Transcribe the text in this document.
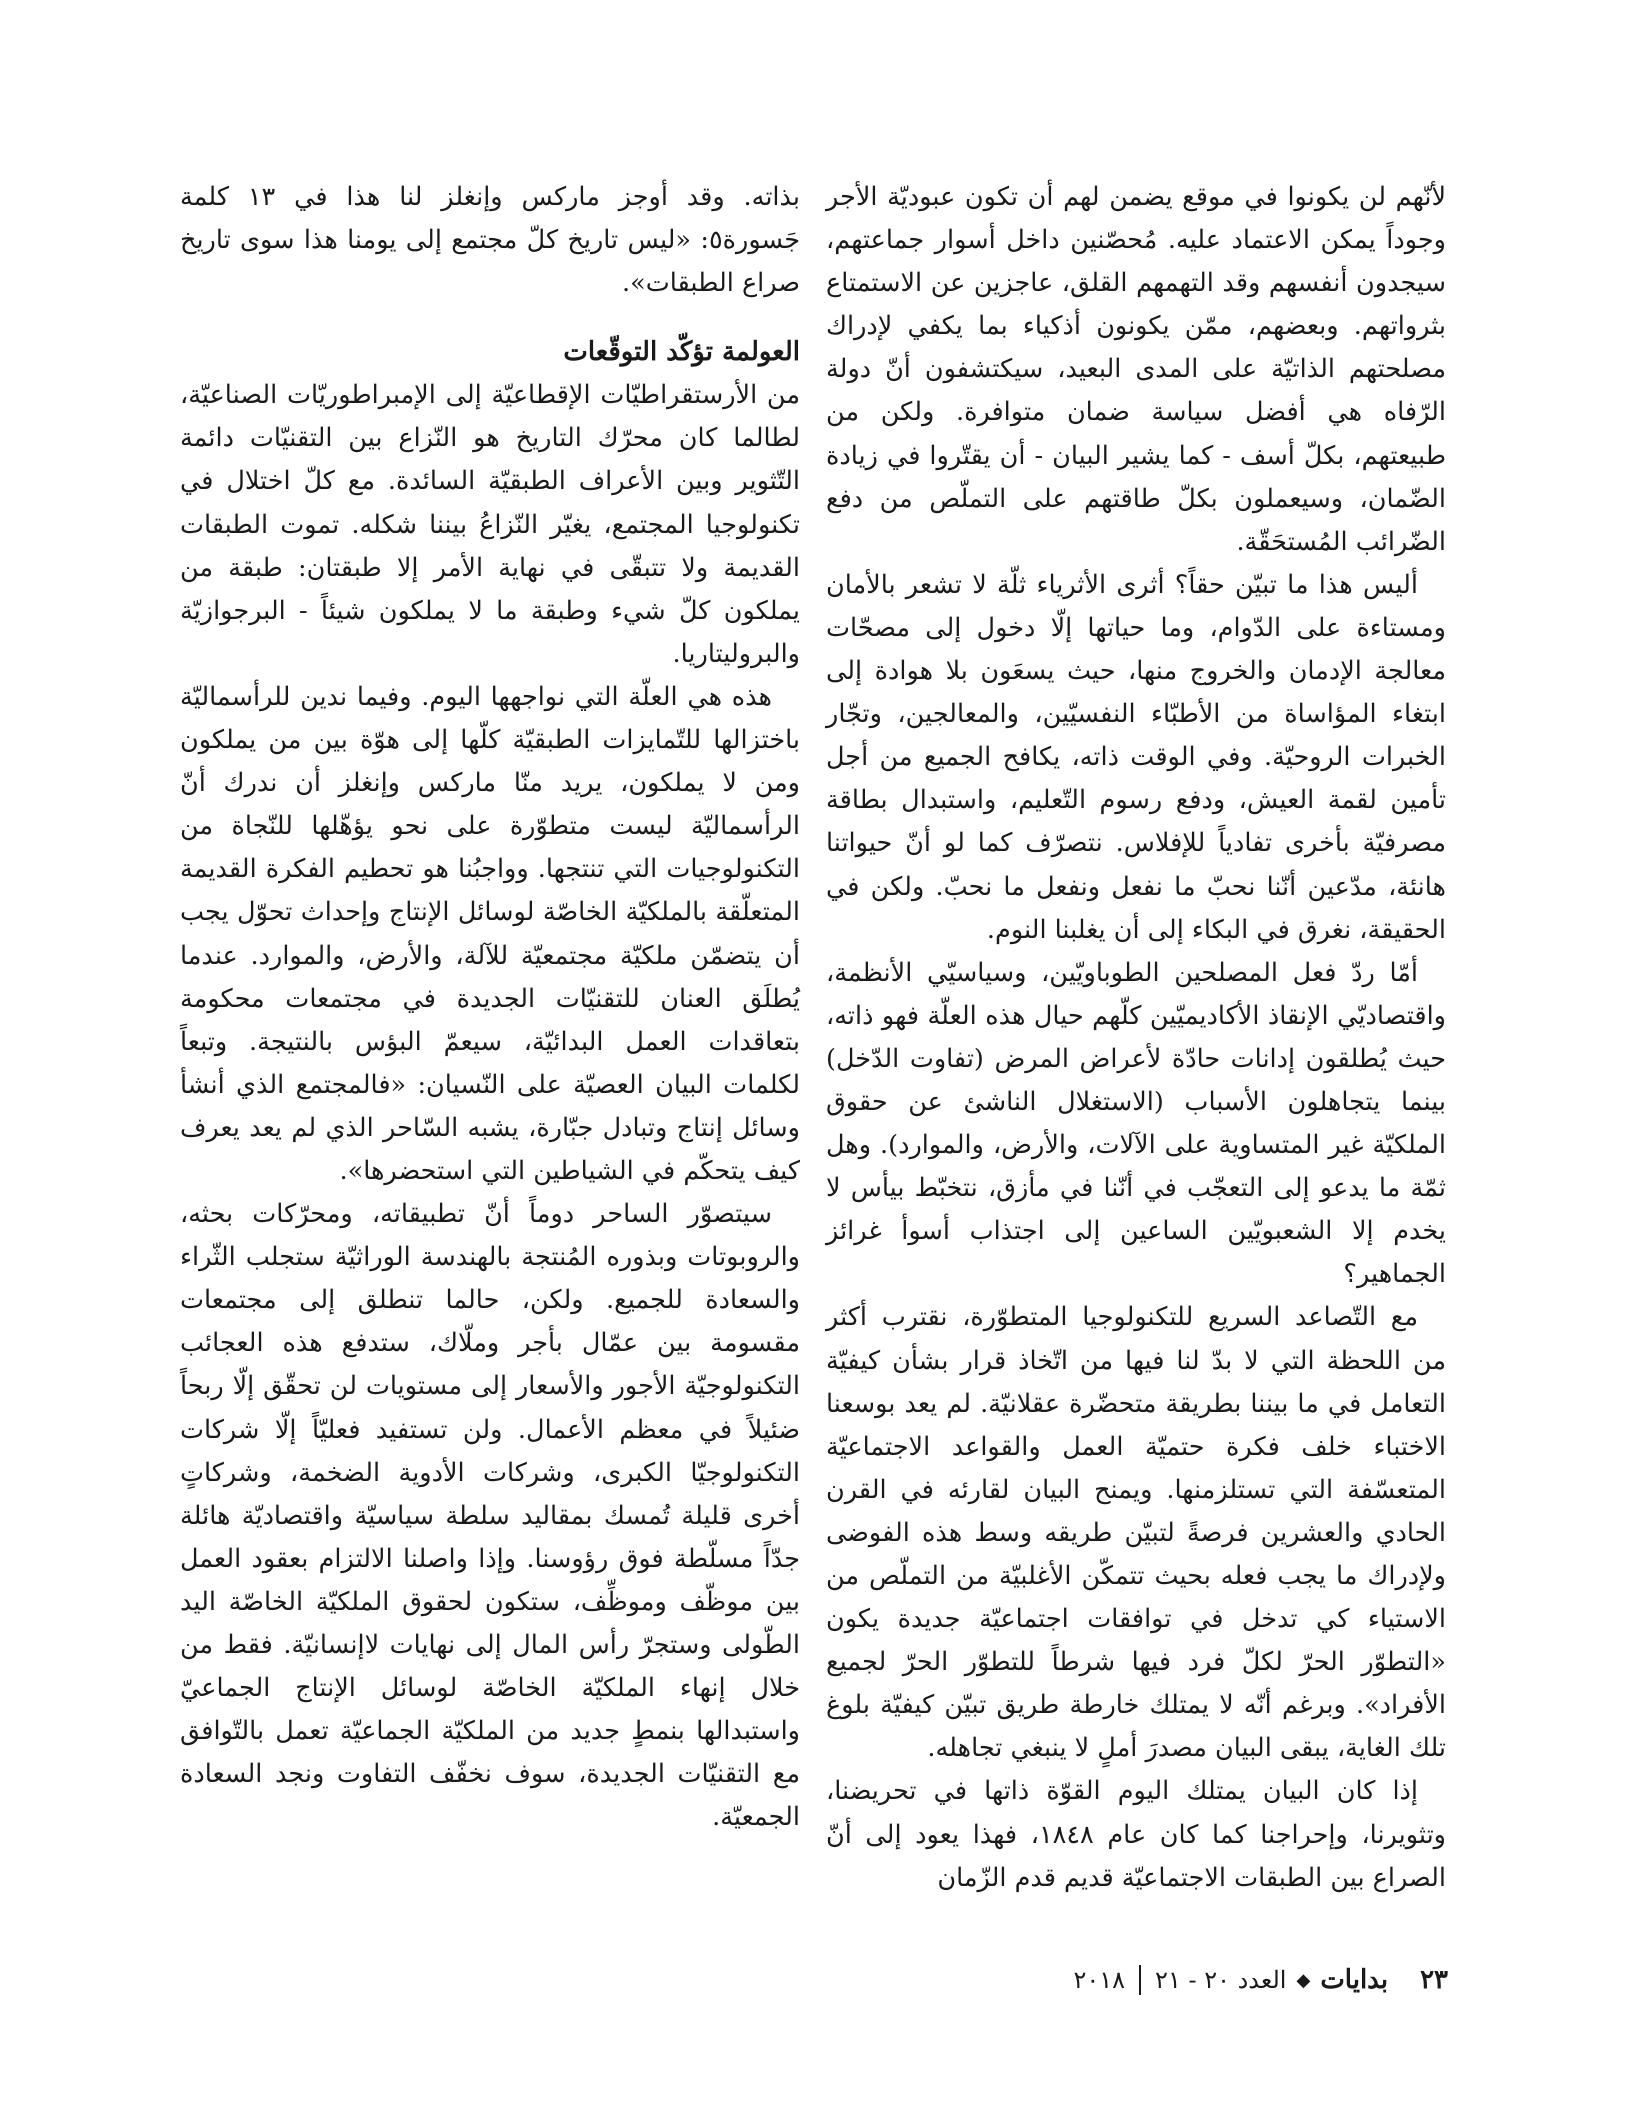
لأنّهم لن يكونوا في موقع يضمن لهم أن تكون عبوديّة الأجر وجوداً يمكن الاعتماد عليه. مُحصّنين داخل أسوار جماعتهم، سيجدون أنفسهم وقد التهمهم القلق، عاجزين عن الاستمتاع بثرواتهم. وبعضهم، ممّن يكونون أذكياء بما يكفي لإدراك مصلحتهم الذاتيّة على المدى البعيد، سيكتشفون أنّ دولة الرّفاه هي أفضل سياسة ضمان متوافرة. ولكن من طبيعتهم، بكلّ أسف - كما يشير البيان - أن يقتّروا في زيادة الضّمان، وسيعملون بكلّ طاقتهم على التملّص من دفع الضّرائب المُستحَقّة.

أليس هذا ما تبيّن حقاً؟ أثرى الأثرياء ثلّة لا تشعر بالأمان ومستاءة على الدّوام، وما حياتها إلّا دخول إلى مصحّات معالجة الإدمان والخروج منها، حيث يسعَون بلا هوادة إلى ابتغاء المؤاساة من الأطبّاء النفسيّين، والمعالجين، وتجّار الخبرات الروحيّة. وفي الوقت ذاته، يكافح الجميع من أجل تأمين لقمة العيش، ودفع رسوم التّعليم، واستبدال بطاقة مصرفيّة بأخرى تفادياً للإفلاس. نتصرّف كما لو أنّ حيواتنا هانئة، مدّعين أنّنا نحبّ ما نفعل ونفعل ما نحبّ. ولكن في الحقيقة، نغرق في البكاء إلى أن يغلبنا النوم.

أمّا ردّ فعل المصلحين الطوباويّين، وسياسيّي الأنظمة، واقتصاديّي الإنقاذ الأكاديميّين كلّهم حيال هذه العلّة فهو ذاته، حيث يُطلقون إدانات حادّة لأعراض المرض (تفاوت الدّخل) بينما يتجاهلون الأسباب (الاستغلال الناشئ عن حقوق الملكيّة غير المتساوية على الآلات، والأرض، والموارد). وهل ثمّة ما يدعو إلى التعجّب في أنّنا في مأزق، نتخبّط بيأس لا يخدم إلا الشعبويّين الساعين إلى اجتذاب أسوأ غرائز الجماهير؟

مع التّصاعد السريع للتكنولوجيا المتطوّرة، نقترب أكثر من اللحظة التي لا بدّ لنا فيها من اتّخاذ قرار بشأن كيفيّة التعامل في ما بيننا بطريقة متحضّرة عقلانيّة. لم يعد بوسعنا الاختباء خلف فكرة حتميّة العمل والقواعد الاجتماعيّة المتعسّفة التي تستلزمنها. ويمنح البيان لقارئه في القرن الحادي والعشرين فرصةً لتبيّن طريقه وسط هذه الفوضى ولإدراك ما يجب فعله بحيث تتمكّن الأغلبيّة من التملّص من الاستياء كي تدخل في توافقات اجتماعيّة جديدة يكون «التطوّر الحرّ لكلّ فرد فيها شرطاً للتطوّر الحرّ لجميع الأفراد». وبرغم أنّه لا يمتلك خارطة طريق تبيّن كيفيّة بلوغ تلك الغاية، يبقى البيان مصدرَ أملٍ لا ينبغي تجاهله.

إذا كان البيان يمتلك اليوم القوّة ذاتها في تحريضنا، وتثويرنا، وإحراجنا كما كان عام ١٨٤٨، فهذا يعود إلى أنّ الصراع بين الطبقات الاجتماعيّة قديم قدم الزّمان

بذاته. وقد أوجز ماركس وإنغلز لنا هذا في ١٣ كلمة جَسورة٥: «ليس تاريخ كلّ مجتمع إلى يومنا هذا سوى تاريخ صراع الطبقات».

العولمة تؤكّد التوقّعات

من الأرستقراطيّات الإقطاعيّة إلى الإمبراطوريّات الصناعيّة، لطالما كان محرّك التاريخ هو النّزاع بين التقنيّات دائمة التّثوير وبين الأعراف الطبقيّة السائدة. مع كلّ اختلال في تكنولوجيا المجتمع، يغيّر النّزاعُ بيننا شكله. تموت الطبقات القديمة ولا تتبقّى في نهاية الأمر إلا طبقتان: طبقة من يملكون كلّ شيء وطبقة ما لا يملكون شيئاً - البرجوازيّة والبروليتاريا.

هذه هي العلّة التي نواجهها اليوم. وفيما ندين للرأسماليّة باختزالها للتّمايزات الطبقيّة كلّها إلى هوّة بين من يملكون ومن لا يملكون، يريد منّا ماركس وإنغلز أن ندرك أنّ الرأسماليّة ليست متطوّرة على نحو يؤهّلها للنّجاة من التكنولوجيات التي تنتجها. وواجبُنا هو تحطيم الفكرة القديمة المتعلّقة بالملكيّة الخاصّة لوسائل الإنتاج وإحداث تحوّل يجب أن يتضمّن ملكيّة مجتمعيّة للآلة، والأرض، والموارد. عندما يُطلَق العنان للتقنيّات الجديدة في مجتمعات محكومة بتعاقدات العمل البدائيّة، سيعمّ البؤس بالنتيجة. وتبعاً لكلمات البيان العصيّة على النّسيان: «فالمجتمع الذي أنشأ وسائل إنتاج وتبادل جبّارة، يشبه السّاحر الذي لم يعد يعرف كيف يتحكّم في الشياطين التي استحضرها».

سيتصوّر الساحر دوماً أنّ تطبيقاته، ومحرّكات بحثه، والروبوتات وبذوره المُنتجة بالهندسة الوراثيّة ستجلب الثّراء والسعادة للجميع. ولكن، حالما تنطلق إلى مجتمعات مقسومة بين عمّال بأجر وملّاك، ستدفع هذه العجائب التكنولوجيّة الأجور والأسعار إلى مستويات لن تحقّق إلّا ربحاً ضئيلاً في معظم الأعمال. ولن تستفيد فعليّاً إلّا شركات التكنولوجيّا الكبرى، وشركات الأدوية الضخمة، وشركاتٍ أخرى قليلة تُمسك بمقاليد سلطة سياسيّة واقتصاديّة هائلة جدّاً مسلّطة فوق رؤوسنا. وإذا واصلنا الالتزام بعقود العمل بين موظّف وموظِّف، ستكون لحقوق الملكيّة الخاصّة اليد الطّولى وستجرّ رأس المال إلى نهايات لاإنسانيّة. فقط من خلال إنهاء الملكيّة الخاصّة لوسائل الإنتاج الجماعيّ واستبدالها بنمطٍ جديد من الملكيّة الجماعيّة تعمل بالتّوافق مع التقنيّات الجديدة، سوف نخفّف التفاوت ونجد السعادة الجمعيّة.

٢٣
بدايات
◆
العدد ٢٠ - ٢١
٢٠١٨
